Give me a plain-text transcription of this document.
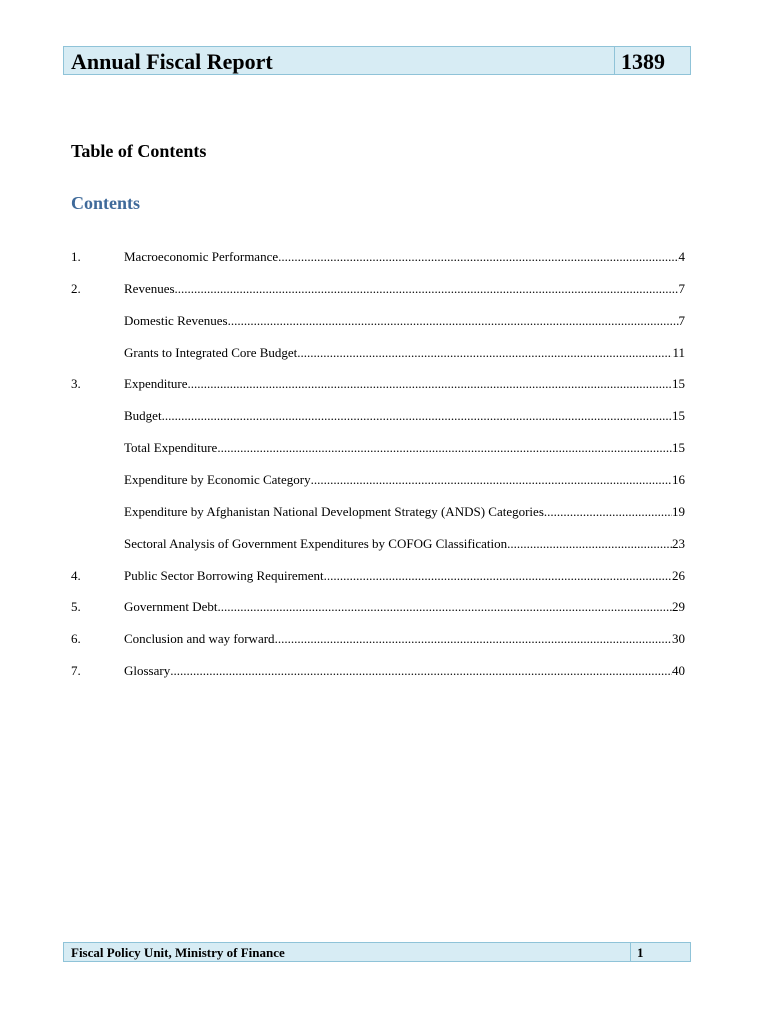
Annual Fiscal Report	1389
Table of Contents
Contents
1.	Macroeconomic Performance .....	4
2.	Revenues .....	7
Domestic Revenues .....	7
Grants to Integrated Core Budget .....	11
3.	Expenditure .....	15
Budget .....	15
Total Expenditure .....	15
Expenditure by Economic Category .....	16
Expenditure by Afghanistan National Development Strategy (ANDS) Categories .....	19
Sectoral Analysis of Government Expenditures by COFOG Classification .....	23
4.	Public Sector Borrowing Requirement .....	26
5.	Government Debt .....	29
6.	Conclusion and way forward .....	30
7.	Glossary .....	40
Fiscal Policy Unit, Ministry of Finance	1
